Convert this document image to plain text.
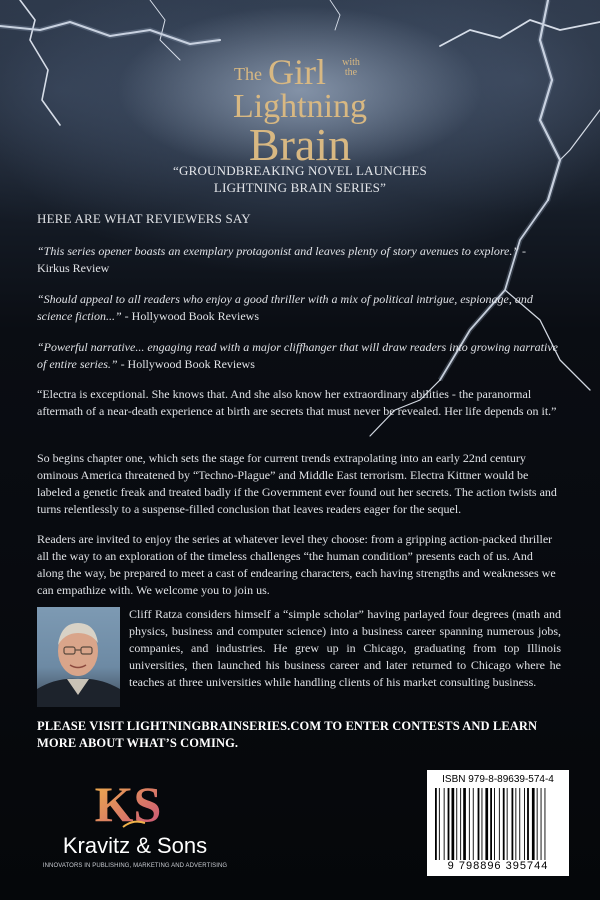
The Girl with the
Lightning
Brain
“GROUNDBREAKING NOVEL LAUNCHES
LIGHTNING BRAIN SERIES”
HERE ARE WHAT REVIEWERS SAY

“This series opener boasts an exemplary protagonist and leaves plenty of story avenues to explore.” - Kirkus Review

“Should appeal to all readers who enjoy a good thriller with a mix of political intrigue, espionage, and science fiction...” - Hollywood Book Reviews

“Powerful narrative... engaging read with a major cliffhanger that will draw readers into growing narrative of entire series.” - Hollywood Book Reviews

“Electra is exceptional. She knows that. And she also know her extraordinary abilities - the paranormal aftermath of a near-death experience at birth are secrets that must never be revealed. Her life depends on it.”

So begins chapter one, which sets the stage for current trends extrapolating into an early 22nd century ominous America threatened by “Techno-Plague” and Middle East terrorism. Electra Kittner would be labeled a genetic freak and treated badly if the Government ever found out her secrets. The action twists and turns relentlessly to a suspense-filled conclusion that leaves readers eager for the sequel.

Readers are invited to enjoy the series at whatever level they choose: from a gripping action-packed thriller all the way to an exploration of the timeless challenges “the human condition” presents each of us. And along the way, be prepared to meet a cast of endearing characters, each having strengths and weaknesses we can empathize with. We welcome you to join us.

Cliff Ratza considers himself a “simple scholar” having parlayed four degrees (math and physics, business and computer science) into a business career spanning numerous jobs, companies, and industries. He grew up in Chicago, graduating from top Illinois universities, then launched his business career and later returned to Chicago where he teaches at three universities while handling clients of his market consulting business.
PLEASE VISIT LIGHTNINGBRAINSERIES.COM TO ENTER CONTESTS AND LEARN MORE ABOUT WHAT’S COMING.
KS
Kravitz & Sons
INNOVATORS IN PUBLISHING, MARKETING AND ADVERTISING
ISBN 979-8-89639-574-4
9 798896 395744
